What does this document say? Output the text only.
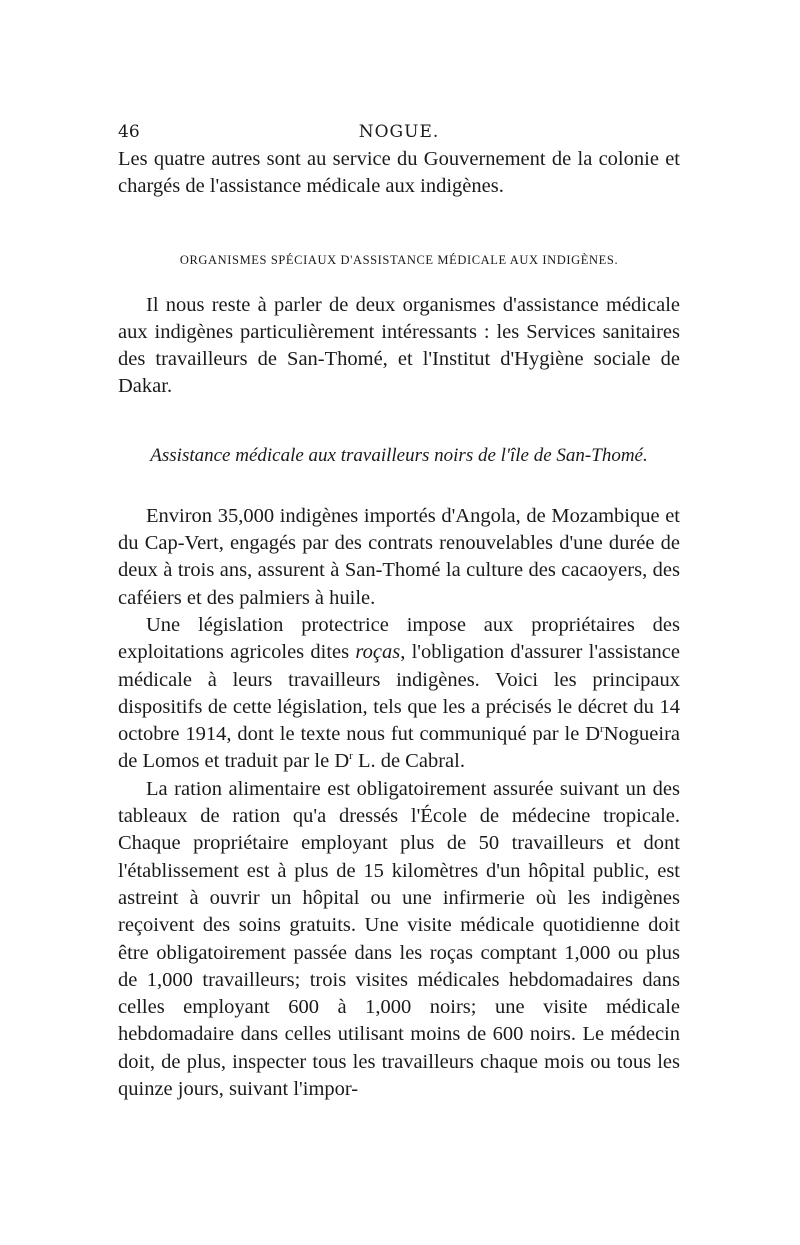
46	NOGUE.

Les quatre autres sont au service du Gouvernement de la colonie et chargés de l'assistance médicale aux indigènes.

ORGANISMES SPÉCIAUX D'ASSISTANCE MÉDICALE AUX INDIGÈNES.

Il nous reste à parler de deux organismes d'assistance médicale aux indigènes particulièrement intéressants : les Services sanitaires des travailleurs de San-Thomé, et l'Institut d'Hygiène sociale de Dakar.

Assistance médicale aux travailleurs noirs de l'île de San-Thomé.

Environ 35,000 indigènes importés d'Angola, de Mozambique et du Cap-Vert, engagés par des contrats renouvelables d'une durée de deux à trois ans, assurent à San-Thomé la culture des cacaoyers, des caféiers et des palmiers à huile.

Une législation protectrice impose aux propriétaires des exploitations agricoles dites roças, l'obligation d'assurer l'assistance médicale à leurs travailleurs indigènes. Voici les principaux dispositifs de cette législation, tels que les a précisés le décret du 14 octobre 1914, dont le texte nous fut communiqué par le $D^rNogueira$ de Lomos et traduit par le $D^r$ L. de Cabral.

La ration alimentaire est obligatoirement assurée suivant un des tableaux de ration qu'a dressés l'École de médecine tropicale. Chaque propriétaire employant plus de 50 travailleurs et dont l'établissement est à plus de 15 kilomètres d'un hôpital public, est astreint à ouvrir un hôpital ou une infirmerie où les indigènes reçoivent des soins gratuits. Une visite médicale quotidienne doit être obligatoirement passée dans les roças comptant 1,000 ou plus de 1,000 travailleurs; trois visites médicales hebdomadaires dans celles employant 600 à 1,000 noirs; une visite médicale hebdomadaire dans celles utilisant moins de 600 noirs. Le médecin doit, de plus, inspecter tous les travailleurs chaque mois ou tous les quinze jours, suivant l'impor-
